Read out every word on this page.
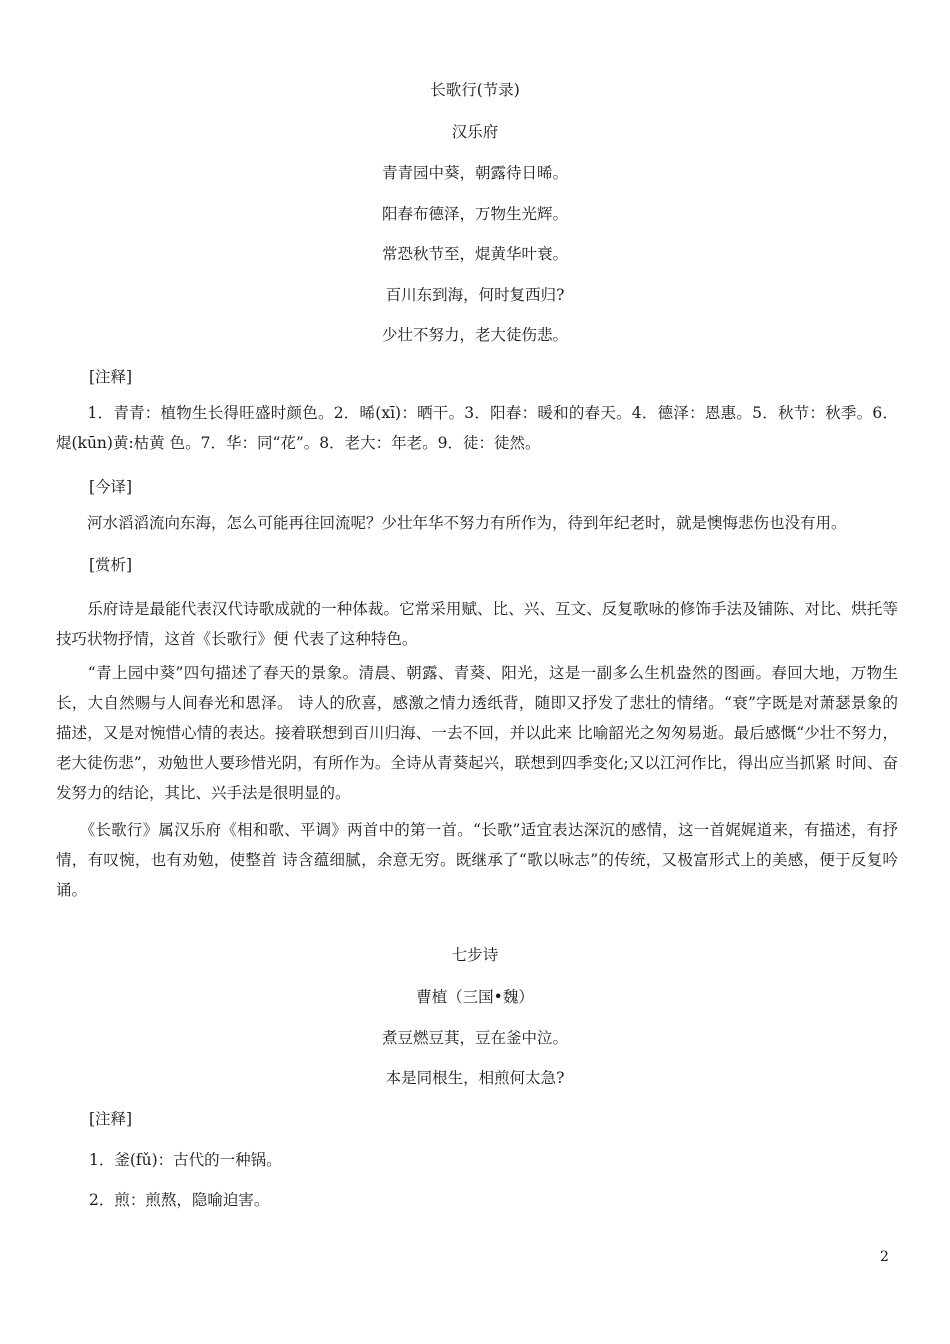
长歌行(节录)
汉乐府
青青园中葵，朝露待日晞。
阳春布德泽，万物生光辉。
常恐秋节至，焜黄华叶衰。
百川东到海，何时复西归?
少壮不努力，老大徒伤悲。
[注释]
　　1．青青：植物生长得旺盛时颜色。2．晞(xī)：晒干。3．阳春：暖和的春天。4．德泽：恩惠。5．秋节：秋季。6．焜(kūn)黄:枯黄 色。7．华：同“花”。8．老大：年老。9．徒：徒然。
[今译]
　　河水滔滔流向东海，怎么可能再往回流呢？少壮年华不努力有所作为，待到年纪老时，就是懊悔悲伤也没有用。
[赏析]
　　乐府诗是最能代表汉代诗歌成就的一种体裁。它常采用赋、比、兴、互文、反复歌咏的修饰手法及铺陈、对比、烘托等技巧状物抒情，这首《长歌行》便 代表了这种特色。
　　“青上园中葵”四句描述了春天的景象。清晨、朝露、青葵、阳光，这是一副多么生机盎然的图画。春回大地，万物生长，大自然赐与人间春光和恩泽。 诗人的欣喜，感激之情力透纸背，随即又抒发了悲壮的情绪。“衰”字既是对萧瑟景象的描述，又是对惋惜心情的表达。接着联想到百川归海、一去不回，并以此来 比喻韶光之匆匆易逝。最后感慨“少壮不努力，老大徒伤悲”，劝勉世人要珍惜光阴，有所作为。全诗从青葵起兴，联想到四季变化;又以江河作比，得出应当抓紧 时间、奋发努力的结论，其比、兴手法是很明显的。
　　《长歌行》属汉乐府《相和歌、平调》两首中的第一首。“长歌”适宜表达深沉的感情，这一首娓娓道来，有描述，有抒情，有叹惋，也有劝勉，使整首 诗含蕴细腻，余意无穷。既继承了“歌以咏志”的传统，又极富形式上的美感，便于反复吟诵。
七步诗
曹植（三国•魏）
煮豆燃豆萁，豆在釜中泣。
本是同根生，相煎何太急?
[注释]
1．釜(fǔ)：古代的一种锅。
2．煎：煎熬，隐喻迫害。
2
